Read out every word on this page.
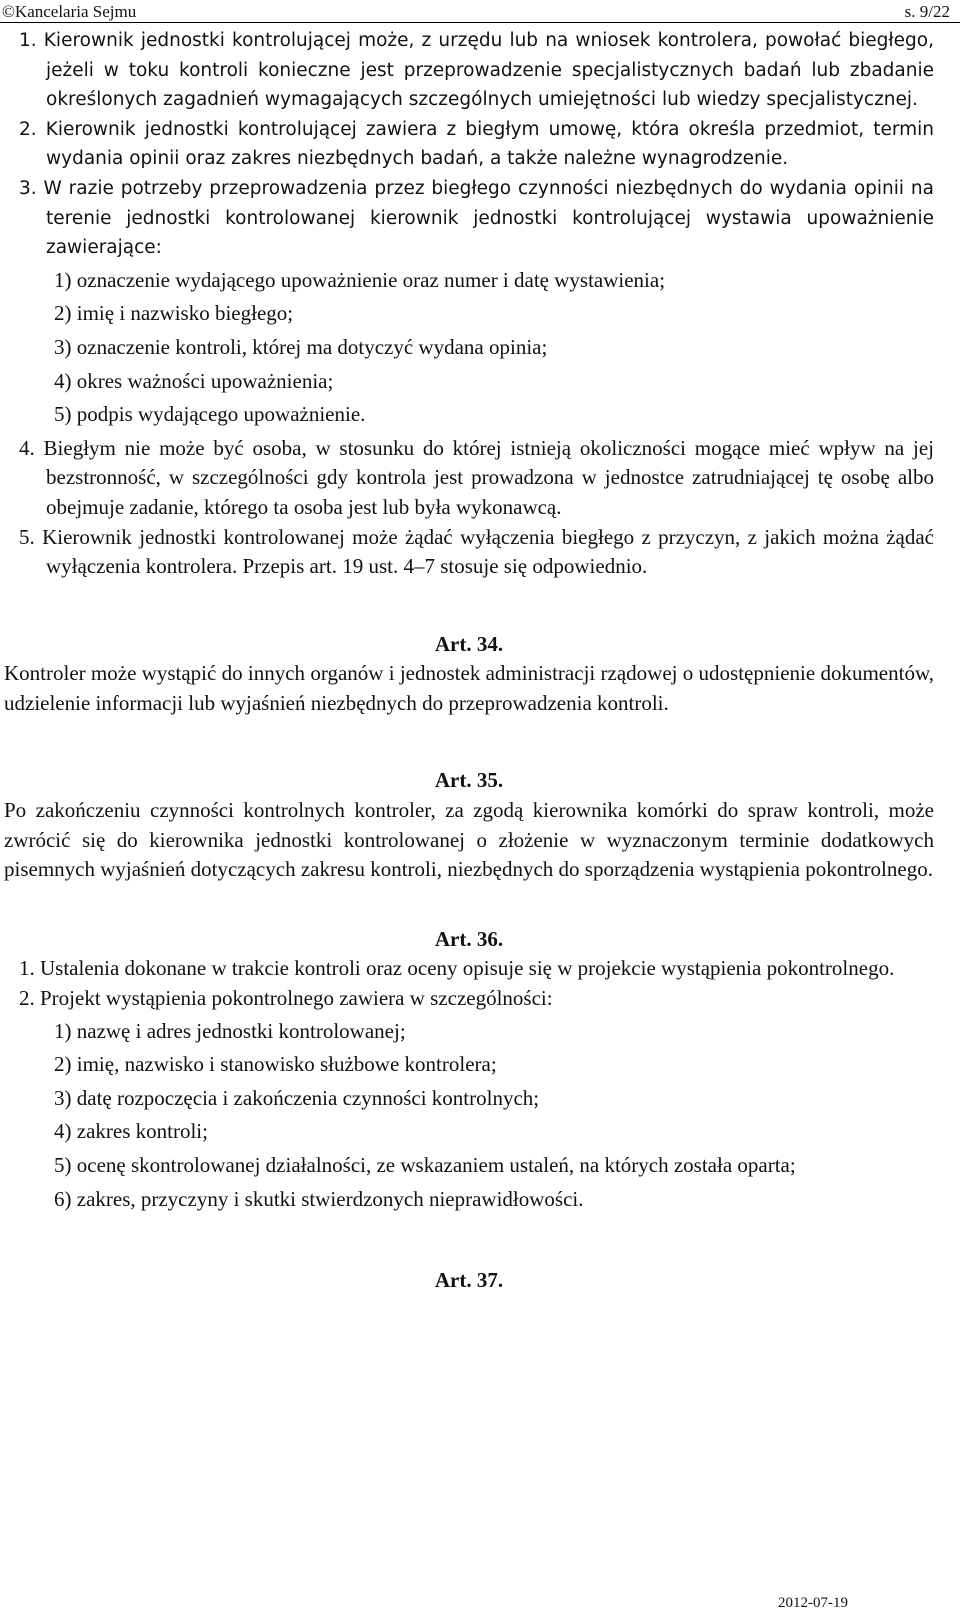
©Kancelaria Sejmu	s. 9/22
1. Kierownik jednostki kontrolującej może, z urzędu lub na wniosek kontrolera, powołać biegłego, jeżeli w toku kontroli konieczne jest przeprowadzenie specjalistycznych badań lub zbadanie określonych zagadnień wymagających szczególnych umiejętności lub wiedzy specjalistycznej.
2. Kierownik jednostki kontrolującej zawiera z biegłym umowę, która określa przedmiot, termin wydania opinii oraz zakres niezbędnych badań, a także należne wynagrodzenie.
3. W razie potrzeby przeprowadzenia przez biegłego czynności niezbędnych do wydania opinii na terenie jednostki kontrolowanej kierownik jednostki kontrolującej wystawia upoważnienie zawierające:
1) oznaczenie wydającego upoważnienie oraz numer i datę wystawienia;
2) imię i nazwisko biegłego;
3) oznaczenie kontroli, której ma dotyczyć wydana opinia;
4) okres ważności upoważnienia;
5) podpis wydającego upoważnienie.
4. Biegłym nie może być osoba, w stosunku do której istnieją okoliczności mogące mieć wpływ na jej bezstronność, w szczególności gdy kontrola jest prowadzona w jednostce zatrudniającej tę osobę albo obejmuje zadanie, którego ta osoba jest lub była wykonawcą.
5. Kierownik jednostki kontrolowanej może żądać wyłączenia biegłego z przyczyn, z jakich można żądać wyłączenia kontrolera. Przepis art. 19 ust. 4–7 stosuje się odpowiednio.
Art. 34.
Kontroler może wystąpić do innych organów i jednostek administracji rządowej o udostępnienie dokumentów, udzielenie informacji lub wyjaśnień niezbędnych do przeprowadzenia kontroli.
Art. 35.
Po zakończeniu czynności kontrolnych kontroler, za zgodą kierownika komórki do spraw kontroli, może zwrócić się do kierownika jednostki kontrolowanej o złożenie w wyznaczonym terminie dodatkowych pisemnych wyjaśnień dotyczących zakresu kontroli, niezbędnych do sporządzenia wystąpienia pokontrolnego.
Art. 36.
1. Ustalenia dokonane w trakcie kontroli oraz oceny opisuje się w projekcie wystąpienia pokontrolnego.
2. Projekt wystąpienia pokontrolnego zawiera w szczególności:
1) nazwę i adres jednostki kontrolowanej;
2) imię, nazwisko i stanowisko służbowe kontrolera;
3) datę rozpoczęcia i zakończenia czynności kontrolnych;
4) zakres kontroli;
5) ocenę skontrolowanej działalności, ze wskazaniem ustaleń, na których została oparta;
6) zakres, przyczyny i skutki stwierdzonych nieprawidłowości.
Art. 37.
2012-07-19
